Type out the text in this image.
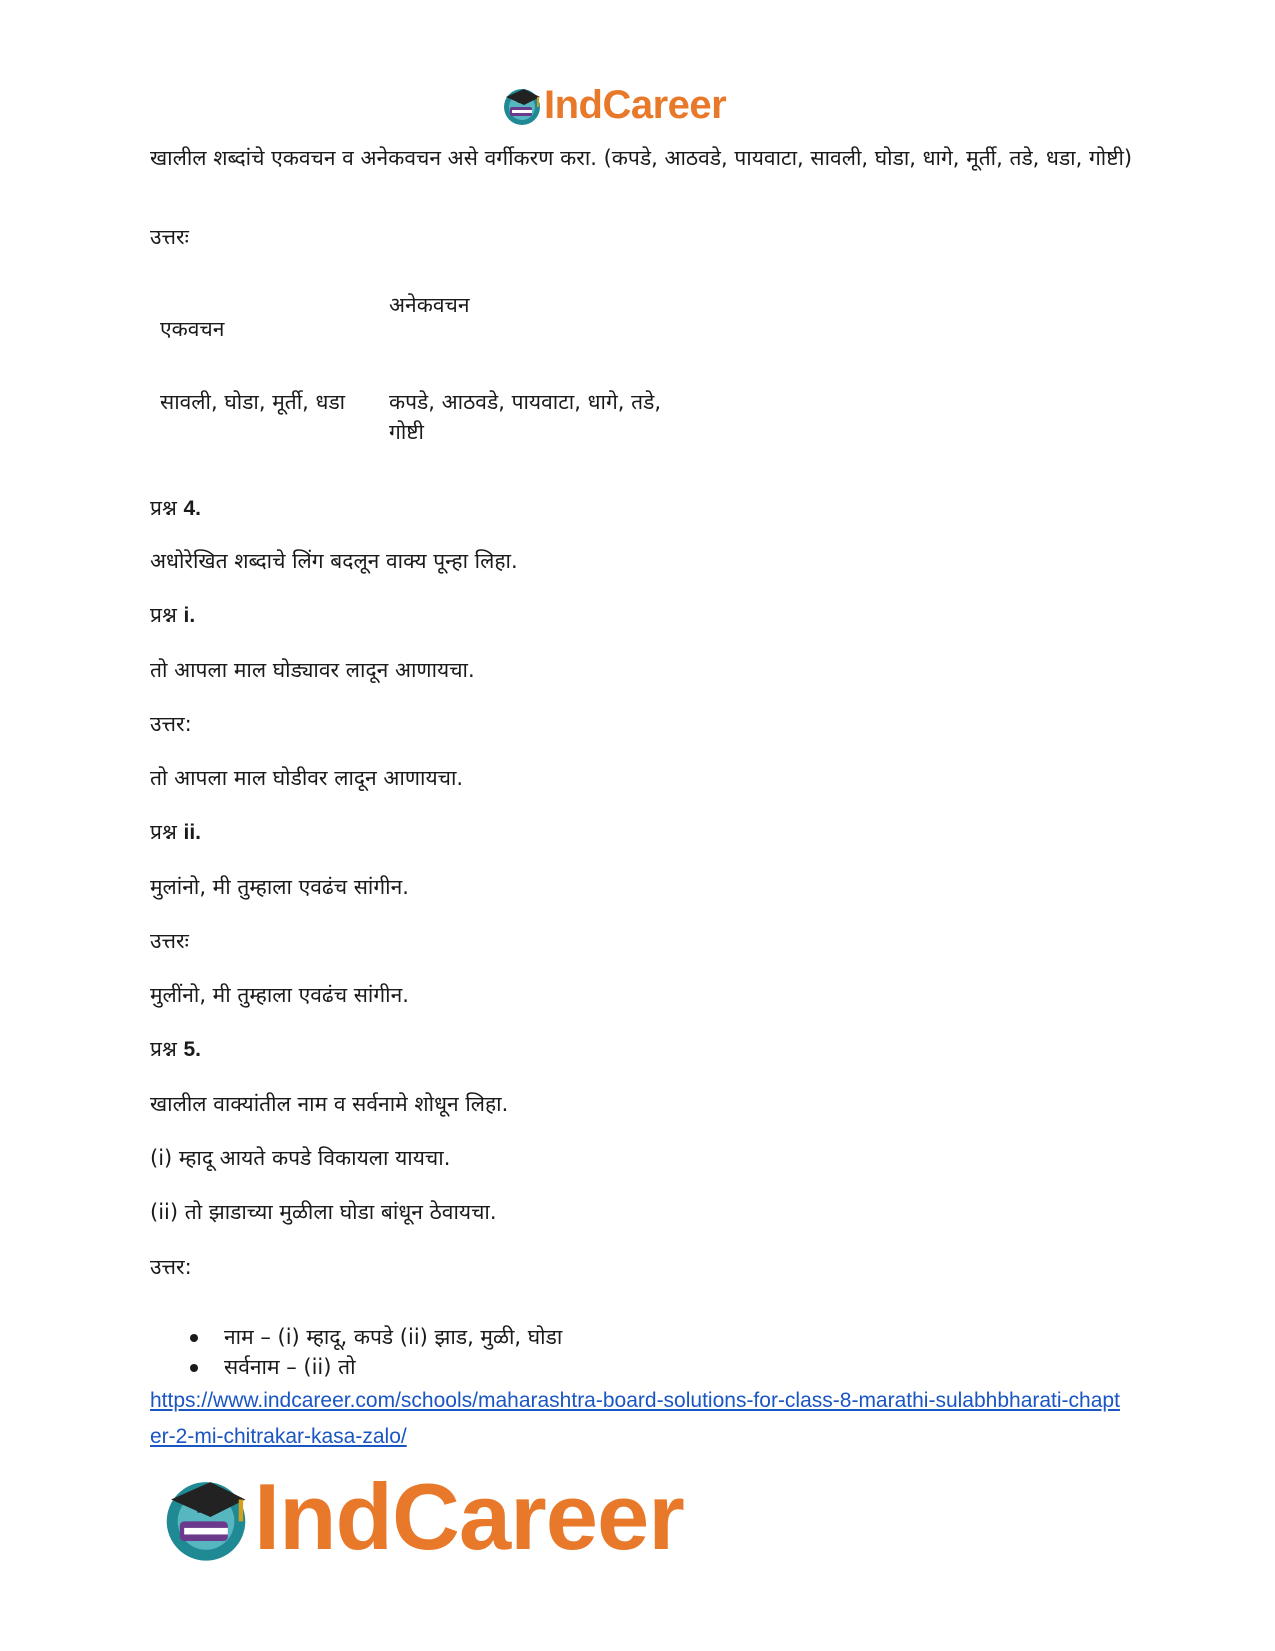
IndCareer

खालील शब्दांचे एकवचन व अनेकवचन असे वर्गीकरण करा. (कपडे, आठवडे, पायवाटा, सावली, घोडा, धागे, मूर्ती, तडे, धडा, गोष्टी)

उत्तरः
अनेकवचन
एकवचन
सावली, घोडा, मूर्ती, धडा कपडे, आठवडे, पायवाटा, धागे, तडे, गोष्टी
प्रश्न 4.
अधोरेखित शब्दाचे लिंग बदलून वाक्य पून्हा लिहा.
प्रश्न i.
तो आपला माल घोड्यावर लादून आणायचा.
उत्तर:
तो आपला माल घोडीवर लादून आणायचा.
प्रश्न ii.
मुलांनो, मी तुम्हाला एवढंच सांगीन.
उत्तरः
मुलींनो, मी तुम्हाला एवढंच सांगीन.
प्रश्न 5.
खालील वाक्यांतील नाम व सर्वनामे शोधून लिहा.
(i) म्हादू आयते कपडे विकायला यायचा.
(ii) तो झाडाच्या मुळीला घोडा बांधून ठेवायचा.
उत्तर:
नाम – (i) म्हादू, कपडे (ii) झाड, मुळी, घोडा
सर्वनाम – (ii) तो
https://www.indcareer.com/schools/maharashtra-board-solutions-for-class-8-marathi-sulabhbharati-chapter-2-mi-chitrakar-kasa-zalo/
IndCareer
